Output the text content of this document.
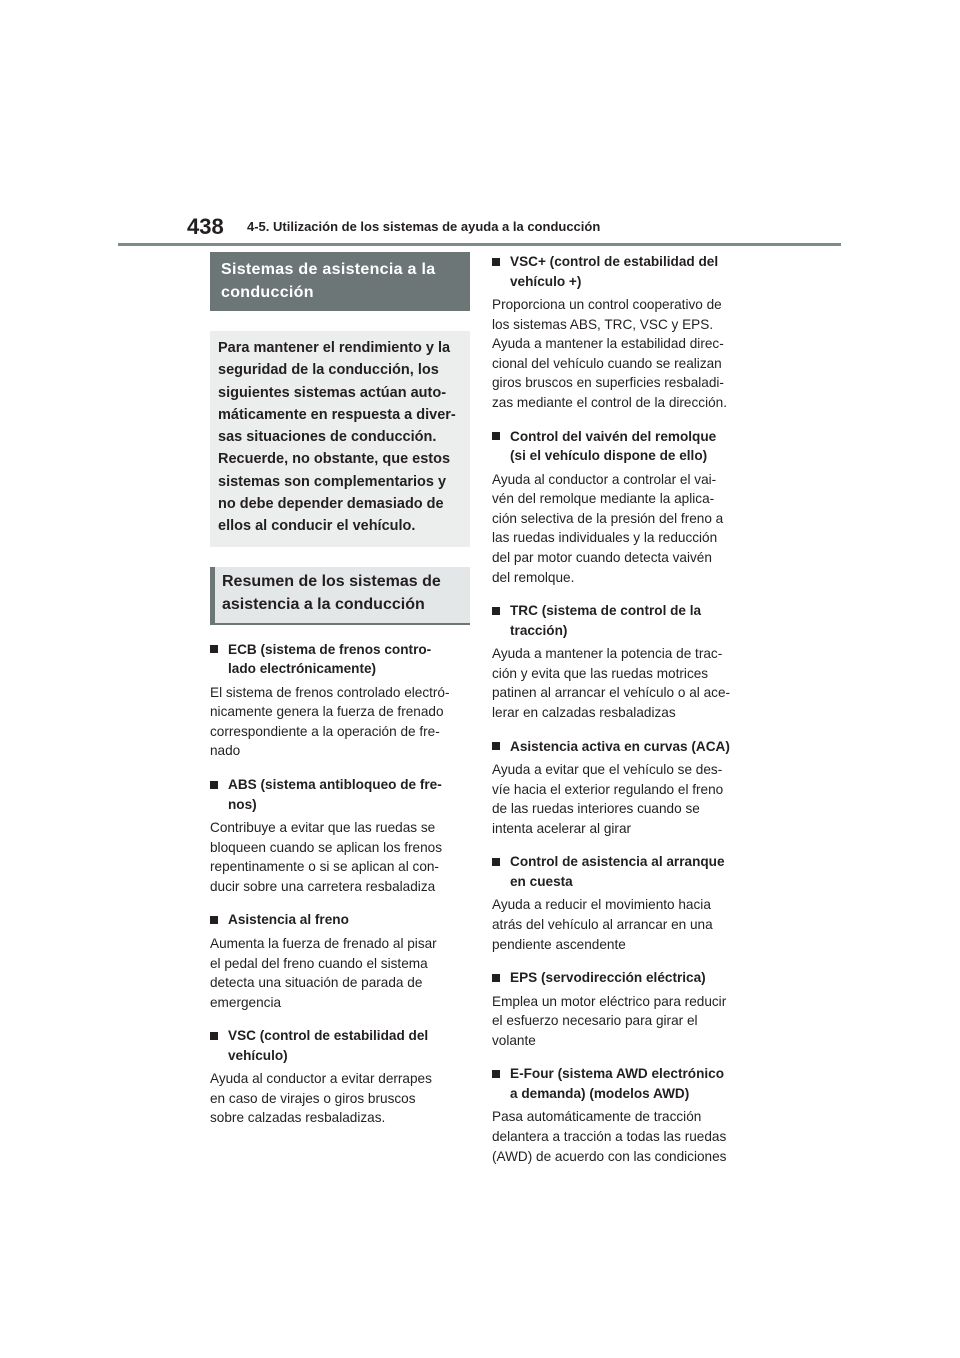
438 4-5. Utilización de los sistemas de ayuda a la conducción
Sistemas de asistencia a la
conducción
Para mantener el rendimiento y la
seguridad de la conducción, los
siguientes sistemas actúan auto-
máticamente en respuesta a diver-
sas situaciones de conducción.
Recuerde, no obstante, que estos
sistemas son complementarios y
no debe depender demasiado de
ellos al conducir el vehículo.
Resumen de los sistemas de
asistencia a la conducción
ECB (sistema de frenos contro-
lado electrónicamente)
El sistema de frenos controlado electró-
nicamente genera la fuerza de frenado
correspondiente a la operación de fre-
nado
ABS (sistema antibloqueo de fre-
nos)
Contribuye a evitar que las ruedas se
bloqueen cuando se aplican los frenos
repentinamente o si se aplican al con-
ducir sobre una carretera resbaladiza
Asistencia al freno
Aumenta la fuerza de frenado al pisar
el pedal del freno cuando el sistema
detecta una situación de parada de
emergencia
VSC (control de estabilidad del
vehículo)
Ayuda al conductor a evitar derrapes
en caso de virajes o giros bruscos
sobre calzadas resbaladizas.
VSC+ (control de estabilidad del
vehículo +)
Proporciona un control cooperativo de
los sistemas ABS, TRC, VSC y EPS.
Ayuda a mantener la estabilidad direc-
cional del vehículo cuando se realizan
giros bruscos en superficies resbaladi-
zas mediante el control de la dirección.
Control del vaivén del remolque
(si el vehículo dispone de ello)
Ayuda al conductor a controlar el vai-
vén del remolque mediante la aplica-
ción selectiva de la presión del freno a
las ruedas individuales y la reducción
del par motor cuando detecta vaivén
del remolque.
TRC (sistema de control de la
tracción)
Ayuda a mantener la potencia de trac-
ción y evita que las ruedas motrices
patinen al arrancar el vehículo o al ace-
lerar en calzadas resbaladizas
Asistencia activa en curvas (ACA)
Ayuda a evitar que el vehículo se des-
víe hacia el exterior regulando el freno
de las ruedas interiores cuando se
intenta acelerar al girar
Control de asistencia al arranque
en cuesta
Ayuda a reducir el movimiento hacia
atrás del vehículo al arrancar en una
pendiente ascendente
EPS (servodirección eléctrica)
Emplea un motor eléctrico para reducir
el esfuerzo necesario para girar el
volante
E-Four (sistema AWD electrónico
a demanda) (modelos AWD)
Pasa automáticamente de tracción
delantera a tracción a todas las ruedas
(AWD) de acuerdo con las condiciones
